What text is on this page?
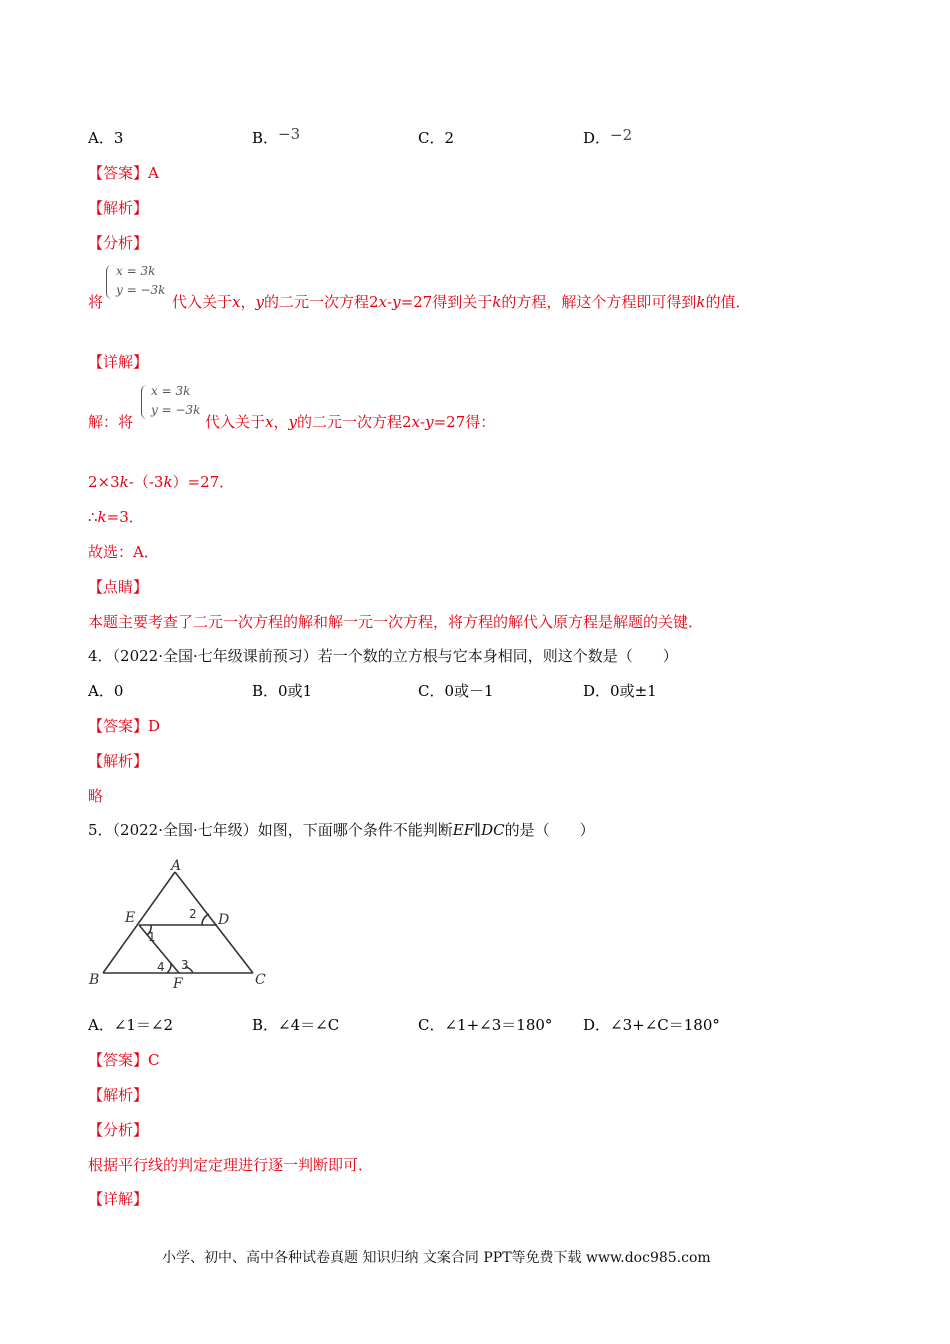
A．3	B．−3	C．2	D．−2
【答案】A
【解析】
【分析】
将
x = 3k
y = −3k
代入关于x，y的二元一次方程2x-y=27得到关于k的方程，解这个方程即可得到k的值．
【详解】
解：将
x = 3k
y = −3k
代入关于x，y的二元一次方程2x-y=27得：
2×3k-（-3k）=27．
∴k=3．
故选：A．
【点睛】
本题主要考查了二元一次方程的解和解一元一次方程，将方程的解代入原方程是解题的关键．
4．（2022·全国·七年级课前预习）若一个数的立方根与它本身相同，则这个数是（　　）
A．0	B．0或1	C．0或－1	D．0或±1
【答案】D
【解析】
略
5．（2022·全国·七年级）如图，下面哪个条件不能判断EF∥DC的是（　　）
A
E	D
B	C
F
2
1
4 3
A．∠1＝∠2	B．∠4＝∠C	C．∠1+∠3＝180° D．∠3+∠C＝180°
【答案】C
【解析】
【分析】
根据平行线的判定定理进行逐一判断即可．
【详解】
小学、初中、高中各种试卷真题 知识归纳 文案合同 PPT等免费下载 www.doc985.com
